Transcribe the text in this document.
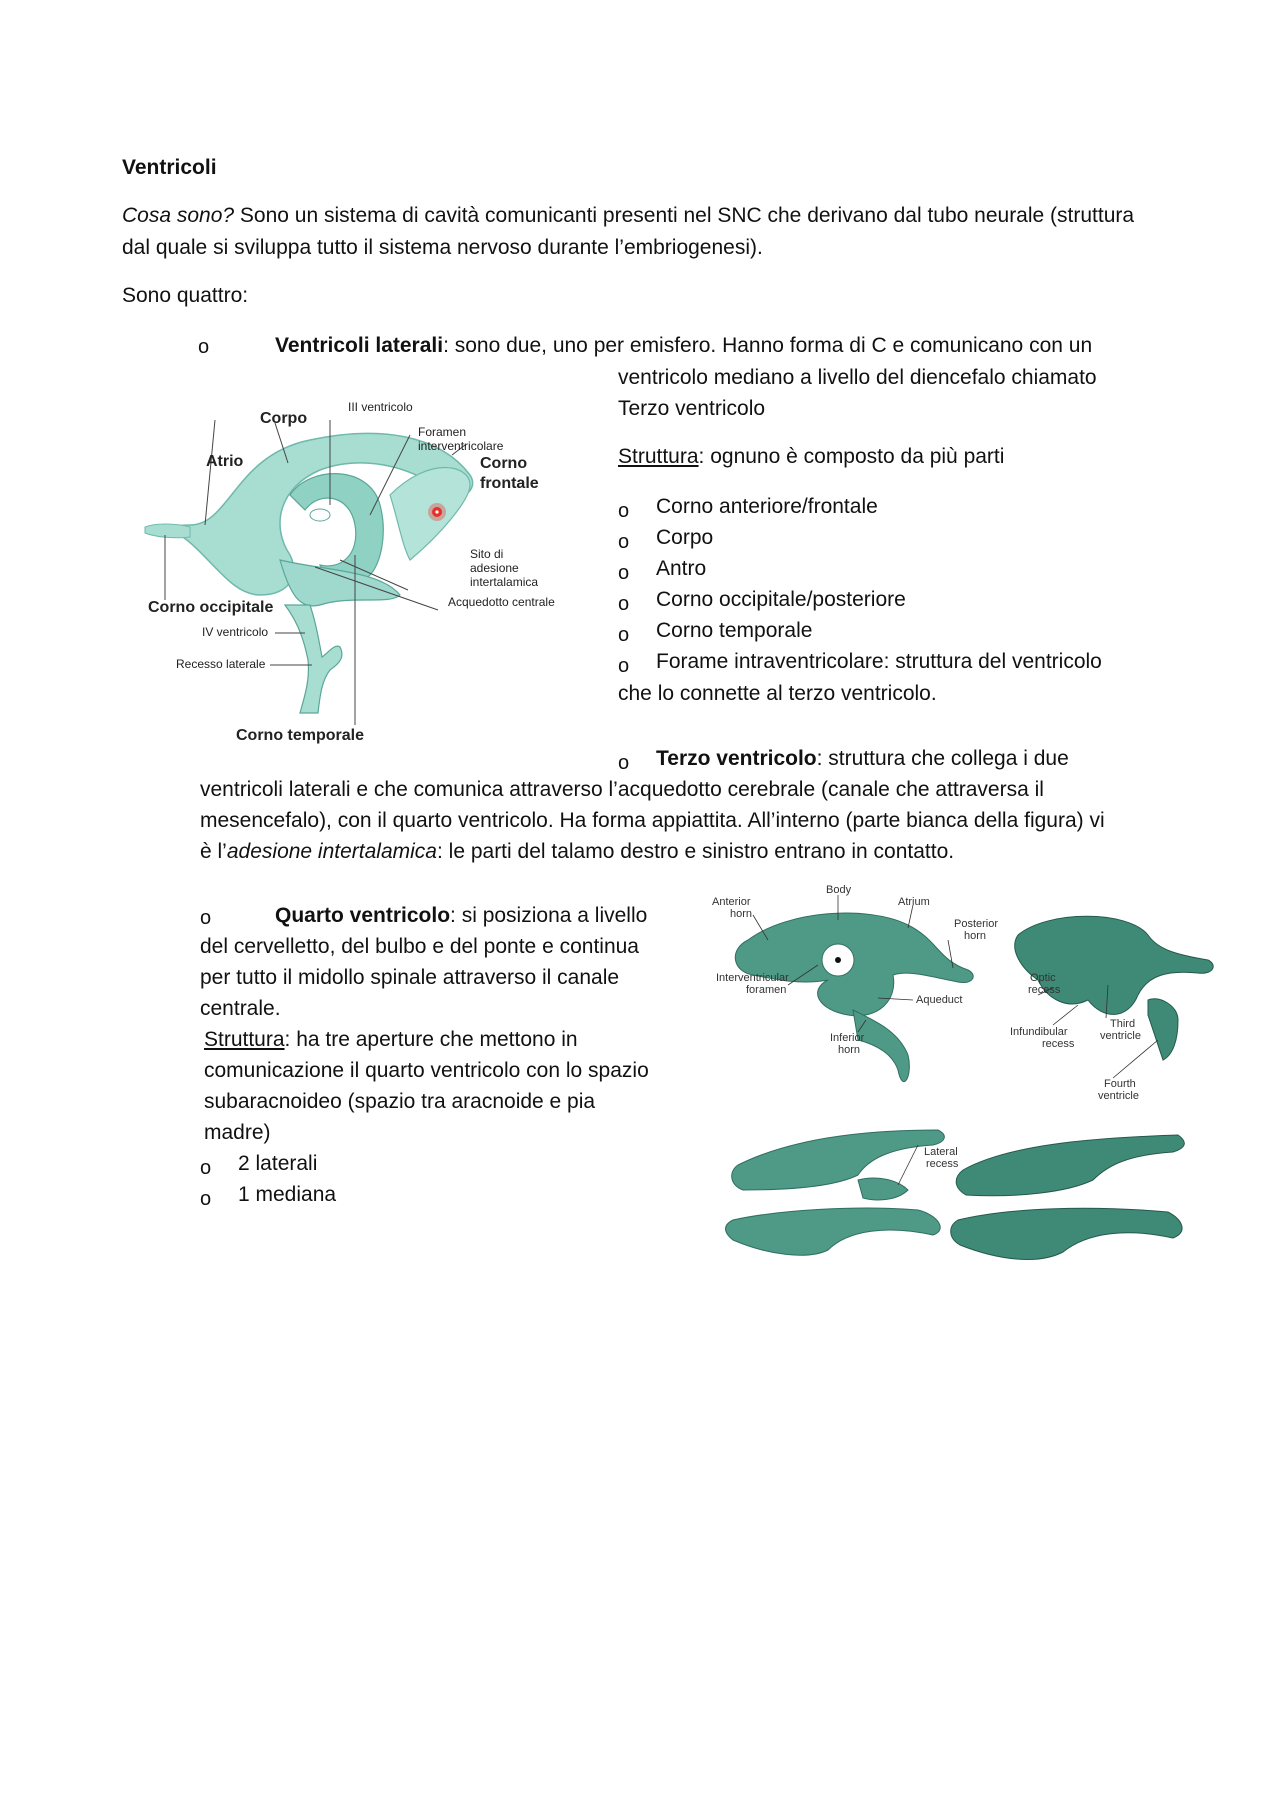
Ventricoli
Cosa sono? Sono un sistema di cavità comunicanti presenti nel SNC che derivano dal tubo neurale (struttura
dal quale si sviluppa tutto il sistema nervoso durante l’embriogenesi).
Sono quattro:
o	Ventricoli laterali: sono due, uno per emisfero. Hanno forma di C e comunicano con un
ventricolo mediano a livello del diencefalo chiamato
Terzo ventricolo
Struttura: ognuno è composto da più parti
o Corno anteriore/frontale
o Corpo
o Antro
o Corno occipitale/posteriore
o Corno temporale
o Forame intraventricolare: struttura del ventricolo
che lo connette al terzo ventricolo.
Corpo
III ventricolo
Foramen
interventricolare
Atrio	Corno
frontale
Sito di
adesione
intertalamica
Acquedotto centrale
Corno occipitale
IV ventricolo
Recesso laterale
Corno temporale
o Terzo ventricolo: struttura che collega i due
ventricoli laterali e che comunica attraverso l’acquedotto cerebrale (canale che attraversa il
mesencefalo), con il quarto ventricolo. Ha forma appiattita. All’interno (parte bianca della figura) vi
è l’adesione intertalamica: le parti del talamo destro e sinistro entrano in contatto.
o	Quarto ventricolo: si posiziona a livello
del cervelletto, del bulbo e del ponte e continua
per tutto il midollo spinale attraverso il canale
centrale.
Struttura: ha tre aperture che mettono in
comunicazione il quarto ventricolo con lo spazio
subaracnoideo (spazio tra aracnoide e pia
madre)
o 2 laterali
o 1 mediana
Anterior
horn
Body
Atrium
Posterior
horn
Interventricular
foramen
Aqueduct
Inferior
horn
Optic
recess
Third
ventricle
Infundibular
recess
Fourth
ventricle
Lateral
recess
